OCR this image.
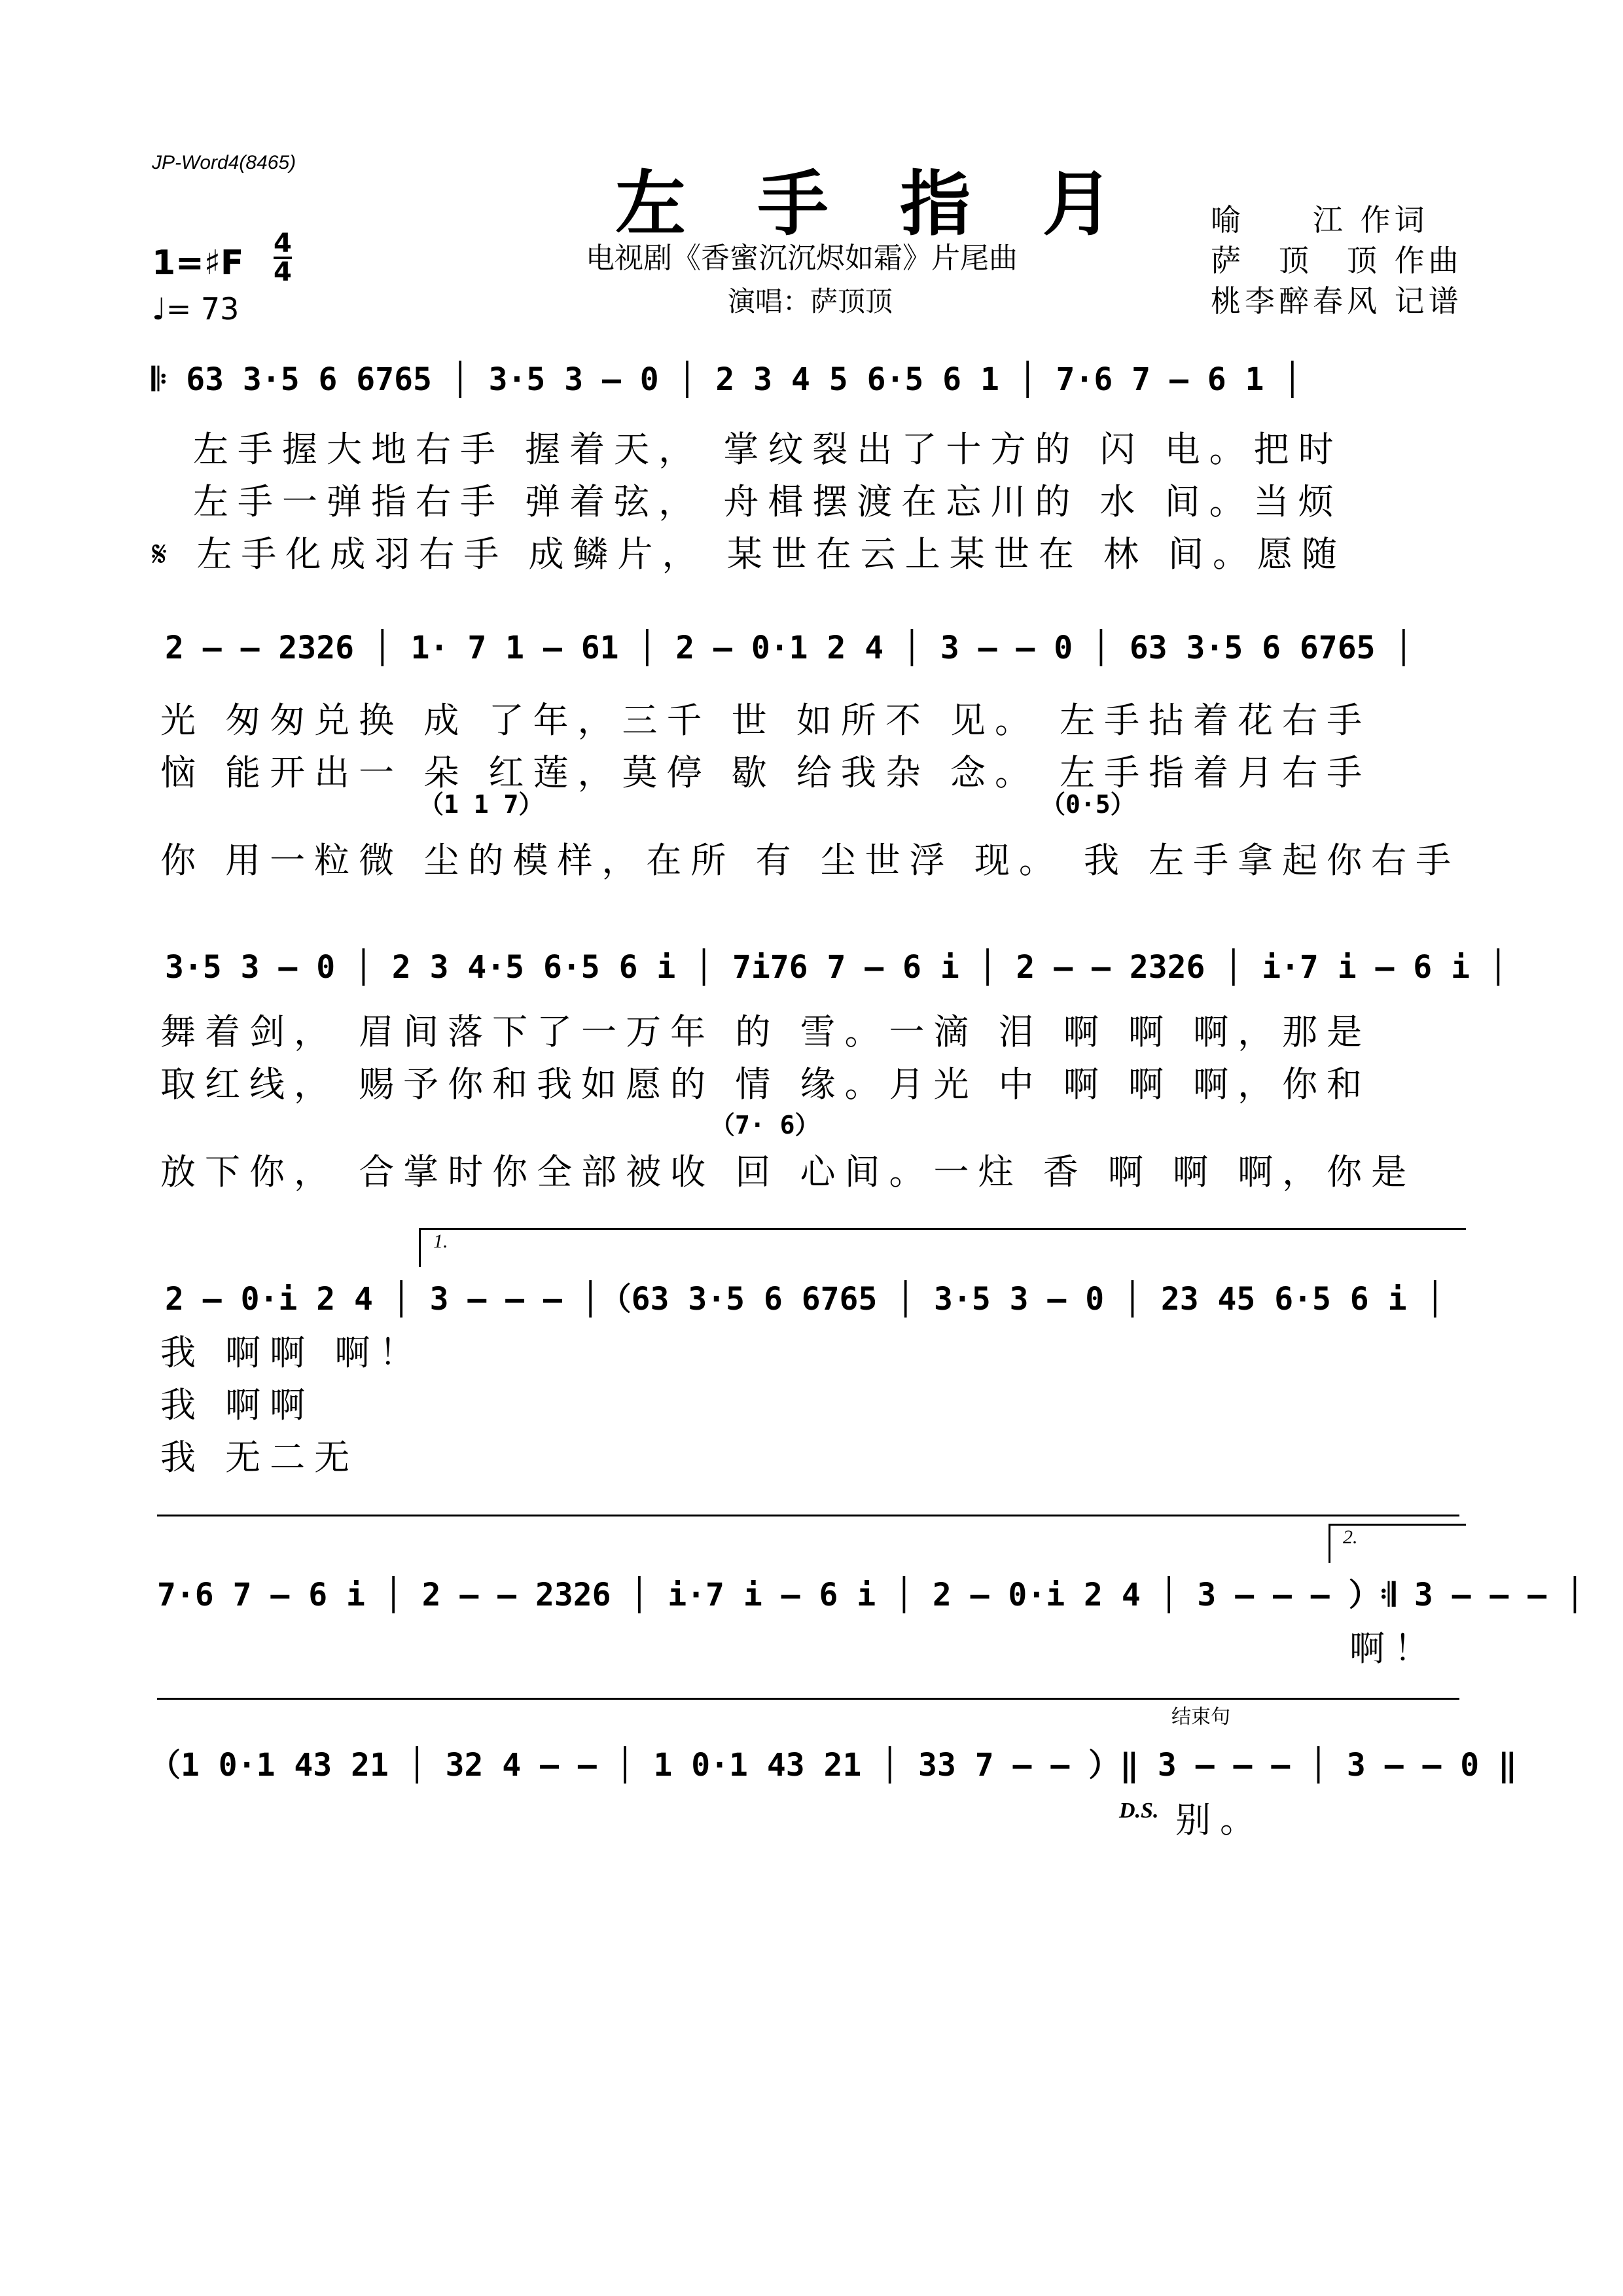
JP-Word4(8465)
左 手 指 月
电视剧《香蜜沉沉烬如霜》片尾曲
演唱：萨顶顶
喻　　江 作词
萨　顶　顶 作曲
桃李醉春风 记谱
1=♯F 4
4
♩= 73
𝄆 63 3·5 6 6765 │ 3·5 3 – 0 │ 2 3 4 5 6·5 6 1 │ 7·6 7 – 6 1 │
左手握大地右手 握着天， 掌纹裂出了十方的 闪 电。把时
左手一弹指右手 弹着弦， 舟楫摆渡在忘川的 水 间。当烦
𝄋 左手化成羽右手 成鳞片， 某世在云上某世在 林 间。愿随
2 – – 2326 │ 1· 7 1 – 61 │ 2 – 0·1 2 4 │ 3 – – 0 │ 63 3·5 6 6765 │
光 匆匆兑换 成 了年，三千 世 如所不 见。 左手拈着花右手
恼 能开出一 朵 红莲，莫停 歇 给我杂 念。 左手指着月右手
（1 1 7）	（0·5）
你 用一粒微 尘的模样，在所 有 尘世浮 现。 我 左手拿起你右手
3·5 3 – 0 │ 2 3 4·5 6·5 6 i │ 7i76 7 – 6 i │ 2 – – 2326 │ i·7 i – 6 i │
舞着剑， 眉间落下了一万年 的 雪。一滴 泪 啊 啊 啊，那是
取红线， 赐予你和我如愿的 情 缘。月光 中 啊 啊 啊，你和
（7· 6）
放下你， 合掌时你全部被收 回 心间。一炷 香 啊 啊 啊，你是
1.
2 – 0·i 2 4 │ 3 – – – │（63 3·5 6 6765 │ 3·5 3 – 0 │ 23 45 6·5 6 i │
我 啊啊 啊！
我 啊啊
我 无二无
2.
7·6 7 – 6 i │ 2 – – 2326 │ i·7 i – 6 i │ 2 – 0·i 2 4 │ 3 – – – ）𝄇 3 – – – │
啊！
结束句
（1 0·1 43 21 │ 32 4 – – │ 1 0·1 43 21 │ 33 7 – – ）‖ 3 – – – │ 3 – – 0 ‖
D.S. 别。
